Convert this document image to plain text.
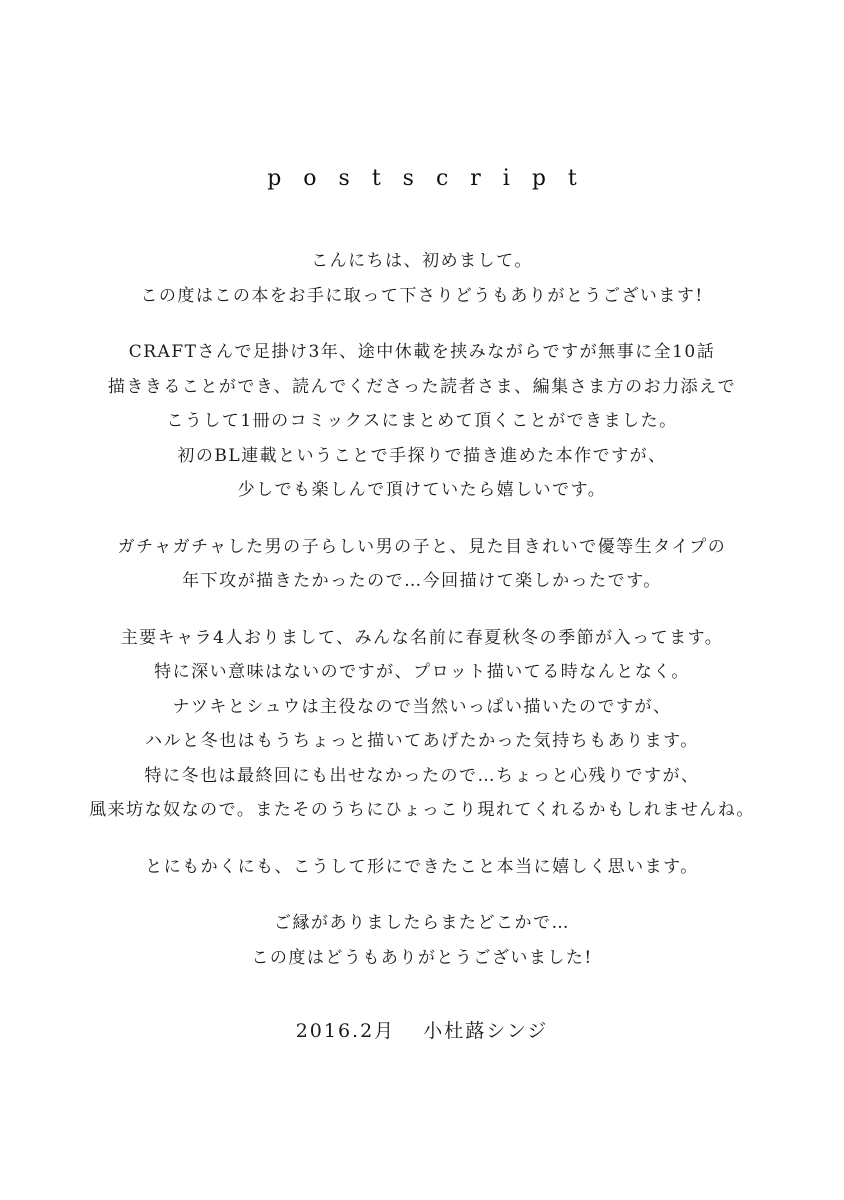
postscript
こんにちは、初めまして。
この度はこの本をお手に取って下さりどうもありがとうございます!
CRAFTさんで足掛け3年、途中休載を挟みながらですが無事に全10話
描ききることができ、読んでくださった読者さま、編集さま方のお力添えで
こうして1冊のコミックスにまとめて頂くことができました。
初のBL連載ということで手探りで描き進めた本作ですが、
少しでも楽しんで頂けていたら嬉しいです。
ガチャガチャした男の子らしい男の子と、見た目きれいで優等生タイプの
年下攻が描きたかったので…今回描けて楽しかったです。
主要キャラ4人おりまして、みんな名前に春夏秋冬の季節が入ってます。
特に深い意味はないのですが、プロット描いてる時なんとなく。
ナツキとシュウは主役なので当然いっぱい描いたのですが、
ハルと冬也はもうちょっと描いてあげたかった気持ちもあります。
特に冬也は最終回にも出せなかったので…ちょっと心残りですが、
風来坊な奴なので。またそのうちにひょっこり現れてくれるかもしれませんね。
とにもかくにも、こうして形にできたこと本当に嬉しく思います。
ご縁がありましたらまたどこかで…
この度はどうもありがとうございました!
2016.2月 小杜蕗シンジ
